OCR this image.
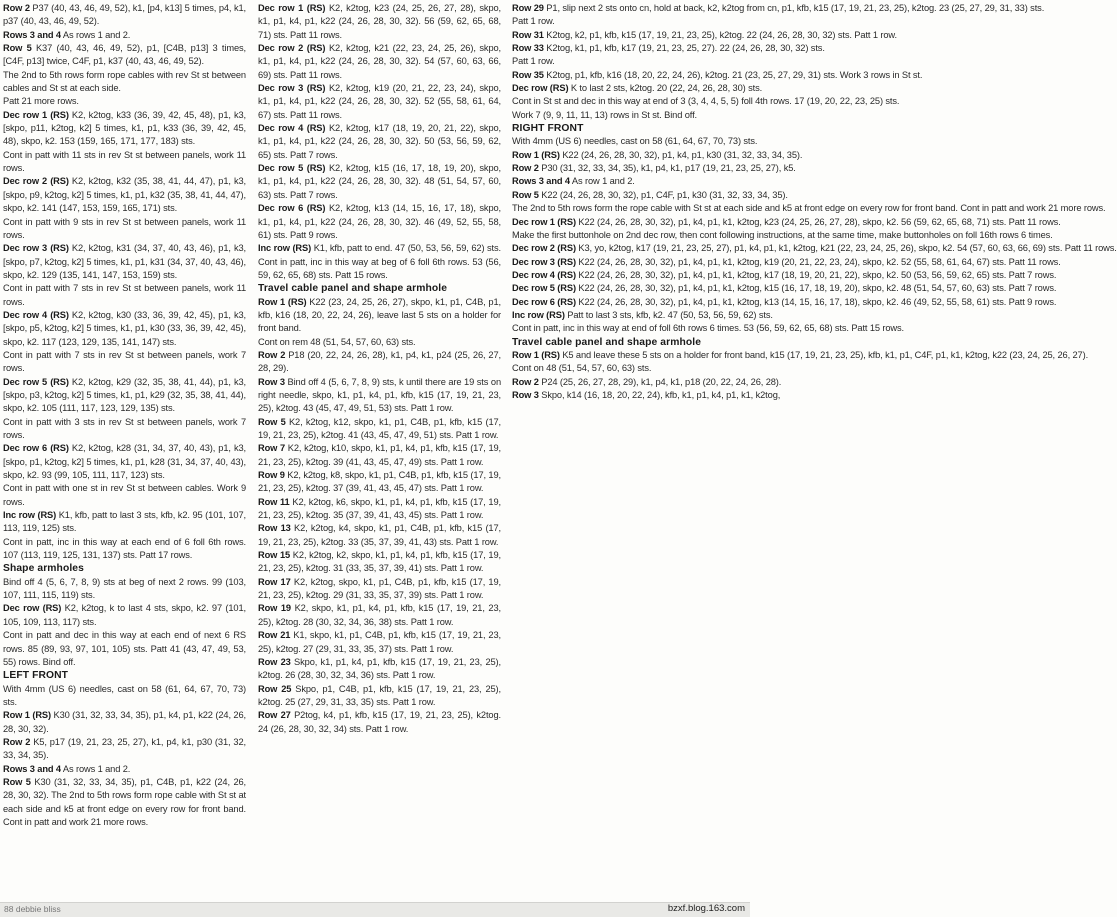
Row 2 P37 (40, 43, 46, 49, 52), k1, [p4, k13] 5 times, p4, k1, p37 (40, 43, 46, 49, 52).

Rows 3 and 4 As rows 1 and 2.

Row 5 K37 (40, 43, 46, 49, 52), p1, [C4B, p13] 3 times, [C4F, p13] twice, C4F, p1, k37 (40, 43, 46, 49, 52).

The 2nd to 5th rows form rope cables with rev St st between cables and St st at each side.

Patt 21 more rows.

Dec row 1 (RS) K2, k2tog, k33 (36, 39, 42, 45, 48), p1, k3, [skpo, p11, k2tog, k2] 5 times, k1, p1, k33 (36, 39, 42, 45, 48), skpo, k2. 153 (159, 165, 171, 177, 183) sts.

Cont in patt with 11 sts in rev St st between panels, work 11 rows.

Dec row 2 (RS) K2, k2tog, k32 (35, 38, 41, 44, 47), p1, k3, [skpo, p9, k2tog, k2] 5 times, k1, p1, k32 (35, 38, 41, 44, 47), skpo, k2. 141 (147, 153, 159, 165, 171) sts.

Cont in patt with 9 sts in rev St st between panels, work 11 rows.

Dec row 3 (RS) K2, k2tog, k31 (34, 37, 40, 43, 46), p1, k3, [skpo, p7, k2tog, k2] 5 times, k1, p1, k31 (34, 37, 40, 43, 46), skpo, k2. 129 (135, 141, 147, 153, 159) sts.

Cont in patt with 7 sts in rev St st between panels, work 11 rows.

Dec row 4 (RS) K2, k2tog, k30 (33, 36, 39, 42, 45), p1, k3, [skpo, p5, k2tog, k2] 5 times, k1, p1, k30 (33, 36, 39, 42, 45), skpo, k2. 117 (123, 129, 135, 141, 147) sts.

Cont in patt with 7 sts in rev St st between panels, work 7 rows.

Dec row 5 (RS) K2, k2tog, k29 (32, 35, 38, 41, 44), p1, k3, [skpo, p3, k2tog, k2] 5 times, k1, p1, k29 (32, 35, 38, 41, 44), skpo, k2. 105 (111, 117, 123, 129, 135) sts.

Cont in patt with 3 sts in rev St st between panels, work 7 rows.

Dec row 6 (RS) K2, k2tog, k28 (31, 34, 37, 40, 43), p1, k3, [skpo, p1, k2tog, k2] 5 times, k1, p1, k28 (31, 34, 37, 40, 43), skpo, k2. 93 (99, 105, 111, 117, 123) sts.

Cont in patt with one st in rev St st between cables. Work 9 rows.

Inc row (RS) K1, kfb, patt to last 3 sts, kfb, k2. 95 (101, 107, 113, 119, 125) sts.

Cont in patt, inc in this way at each end of 6 foll 6th rows. 107 (113, 119, 125, 131, 137) sts. Patt 17 rows.

Shape armholes

Bind off 4 (5, 6, 7, 8, 9) sts at beg of next 2 rows. 99 (103, 107, 111, 115, 119) sts.

Dec row (RS) K2, k2tog, k to last 4 sts, skpo, k2. 97 (101, 105, 109, 113, 117) sts.

Cont in patt and dec in this way at each end of next 6 RS rows. 85 (89, 93, 97, 101, 105) sts. Patt 41 (43, 47, 49, 53, 55) rows. Bind off.

LEFT FRONT

With 4mm (US 6) needles, cast on 58 (61, 64, 67, 70, 73) sts.

Row 1 (RS) K30 (31, 32, 33, 34, 35), p1, k4, p1, k22 (24, 26, 28, 30, 32).

Row 2 K5, p17 (19, 21, 23, 25, 27), k1, p4, k1, p30 (31, 32, 33, 34, 35).

Rows 3 and 4 As rows 1 and 2.

Row 5 K30 (31, 32, 33, 34, 35), p1, C4B, p1, k22 (24, 26, 28, 30, 32). The 2nd to 5th rows form rope cable with St st at each side and k5 at front edge on every row for front band. Cont in patt and work 21 more rows.

Dec row 1 (RS) K2, k2tog, k23 (24, 25, 26, 27, 28), skpo, k1, p1, k4, p1, k22 (24, 26, 28, 30, 32). 56 (59, 62, 65, 68, 71) sts. Patt 11 rows.

Dec row 2 (RS) K2, k2tog, k21 (22, 23, 24, 25, 26), skpo, k1, p1, k4, p1, k22 (24, 26, 28, 30, 32). 54 (57, 60, 63, 66, 69) sts. Patt 11 rows.

Dec row 3 (RS) K2, k2tog, k19 (20, 21, 22, 23, 24), skpo, k1, p1, k4, p1, k22 (24, 26, 28, 30, 32). 52 (55, 58, 61, 64, 67) sts. Patt 11 rows.

Dec row 4 (RS) K2, k2tog, k17 (18, 19, 20, 21, 22), skpo, k1, p1, k4, p1, k22 (24, 26, 28, 30, 32). 50 (53, 56, 59, 62, 65) sts. Patt 7 rows.

Dec row 5 (RS) K2, k2tog, k15 (16, 17, 18, 19, 20), skpo, k1, p1, k4, p1, k22 (24, 26, 28, 30, 32). 48 (51, 54, 57, 60, 63) sts. Patt 7 rows.

Dec row 6 (RS) K2, k2tog, k13 (14, 15, 16, 17, 18), skpo, k1, p1, k4, p1, k22 (24, 26, 28, 30, 32). 46 (49, 52, 55, 58, 61) sts. Patt 9 rows.

Inc row (RS) K1, kfb, patt to end. 47 (50, 53, 56, 59, 62) sts. Cont in patt, inc in this way at beg of 6 foll 6th rows. 53 (56, 59, 62, 65, 68) sts. Patt 15 rows.

Travel cable panel and shape armhole

Row 1 (RS) K22 (23, 24, 25, 26, 27), skpo, k1, p1, C4B, p1, kfb, k16 (18, 20, 22, 24, 26), leave last 5 sts on a holder for front band.

Cont on rem 48 (51, 54, 57, 60, 63) sts.

Row 2 P18 (20, 22, 24, 26, 28), k1, p4, k1, p24 (25, 26, 27, 28, 29).

Row 3 Bind off 4 (5, 6, 7, 8, 9) sts, k until there are 19 sts on right needle, skpo, k1, p1, k4, p1, kfb, k15 (17, 19, 21, 23, 25), k2tog. 43 (45, 47, 49, 51, 53) sts. Patt 1 row.

Row 5 K2, k2tog, k12, skpo, k1, p1, C4B, p1, kfb, k15 (17, 19, 21, 23, 25), k2tog. 41 (43, 45, 47, 49, 51) sts. Patt 1 row.

Row 7 K2, k2tog, k10, skpo, k1, p1, k4, p1, kfb, k15 (17, 19, 21, 23, 25), k2tog. 39 (41, 43, 45, 47, 49) sts. Patt 1 row.

Row 9 K2, k2tog, k8, skpo, k1, p1, C4B, p1, kfb, k15 (17, 19, 21, 23, 25), k2tog. 37 (39, 41, 43, 45, 47) sts. Patt 1 row.

Row 11 K2, k2tog, k6, skpo, k1, p1, k4, p1, kfb, k15 (17, 19, 21, 23, 25), k2tog. 35 (37, 39, 41, 43, 45) sts. Patt 1 row.

Row 13 K2, k2tog, k4, skpo, k1, p1, C4B, p1, kfb, k15 (17, 19, 21, 23, 25), k2tog. 33 (35, 37, 39, 41, 43) sts. Patt 1 row.

Row 15 K2, k2tog, k2, skpo, k1, p1, k4, p1, kfb, k15 (17, 19, 21, 23, 25), k2tog. 31 (33, 35, 37, 39, 41) sts. Patt 1 row.

Row 17 K2, k2tog, skpo, k1, p1, C4B, p1, kfb, k15 (17, 19, 21, 23, 25), k2tog. 29 (31, 33, 35, 37, 39) sts. Patt 1 row.

Row 19 K2, skpo, k1, p1, k4, p1, kfb, k15 (17, 19, 21, 23, 25), k2tog. 28 (30, 32, 34, 36, 38) sts. Patt 1 row.

Row 21 K1, skpo, k1, p1, C4B, p1, kfb, k15 (17, 19, 21, 23, 25), k2tog. 27 (29, 31, 33, 35, 37) sts. Patt 1 row.

Row 23 Skpo, k1, p1, k4, p1, kfb, k15 (17, 19, 21, 23, 25), k2tog. 26 (28, 30, 32, 34, 36) sts. Patt 1 row.

Row 25 Skpo, p1, C4B, p1, kfb, k15 (17, 19, 21, 23, 25), k2tog. 25 (27, 29, 31, 33, 35) sts. Patt 1 row.

Row 27 P2tog, k4, p1, kfb, k15 (17, 19, 21, 23, 25), k2tog. 24 (26, 28, 30, 32, 34) sts. Patt 1 row.

Row 29 P1, slip next 2 sts onto cn, hold at back, k2, k2tog from cn, p1, kfb, k15 (17, 19, 21, 23, 25), k2tog. 23 (25, 27, 29, 31, 33) sts.

Patt 1 row.

Row 31 K2tog, k2, p1, kfb, k15 (17, 19, 21, 23, 25), k2tog. 22 (24, 26, 28, 30, 32) sts. Patt 1 row.

Row 33 K2tog, k1, p1, kfb, k17 (19, 21, 23, 25, 27). 22 (24, 26, 28, 30, 32) sts.

Patt 1 row.

Row 35 K2tog, p1, kfb, k16 (18, 20, 22, 24, 26), k2tog. 21 (23, 25, 27, 29, 31) sts. Work 3 rows in St st.

Dec row (RS) K to last 2 sts, k2tog. 20 (22, 24, 26, 28, 30) sts.

Cont in St st and dec in this way at end of 3 (3, 4, 4, 5, 5) foll 4th rows. 17 (19, 20, 22, 23, 25) sts.

Work 7 (9, 9, 11, 11, 13) rows in St st. Bind off.

RIGHT FRONT

With 4mm (US 6) needles, cast on 58 (61, 64, 67, 70, 73) sts.

Row 1 (RS) K22 (24, 26, 28, 30, 32), p1, k4, p1, k30 (31, 32, 33, 34, 35).

Row 2 P30 (31, 32, 33, 34, 35), k1, p4, k1, p17 (19, 21, 23, 25, 27), k5.

Rows 3 and 4 As row 1 and 2.

Row 5 K22 (24, 26, 28, 30, 32), p1, C4F, p1, k30 (31, 32, 33, 34, 35).

The 2nd to 5th rows form the rope cable with St st at each side and k5 at front edge on every row for front band. Cont in patt and work 21 more rows.

Dec row 1 (RS) K22 (24, 26, 28, 30, 32), p1, k4, p1, k1, k2tog, k23 (24, 25, 26, 27, 28), skpo, k2. 56 (59, 62, 65, 68, 71) sts. Patt 11 rows.

Make the first buttonhole on 2nd dec row, then cont following instructions, at the same time, make buttonholes on foll 16th rows 6 times.

Dec row 2 (RS) K3, yo, k2tog, k17 (19, 21, 23, 25, 27), p1, k4, p1, k1, k2tog, k21 (22, 23, 24, 25, 26), skpo, k2. 54 (57, 60, 63, 66, 69) sts. Patt 11 rows.

Dec row 3 (RS) K22 (24, 26, 28, 30, 32), p1, k4, p1, k1, k2tog, k19 (20, 21, 22, 23, 24), skpo, k2. 52 (55, 58, 61, 64, 67) sts. Patt 11 rows.

Dec row 4 (RS) K22 (24, 26, 28, 30, 32), p1, k4, p1, k1, k2tog, k17 (18, 19, 20, 21, 22), skpo, k2. 50 (53, 56, 59, 62, 65) sts. Patt 7 rows.

Dec row 5 (RS) K22 (24, 26, 28, 30, 32), p1, k4, p1, k1, k2tog, k15 (16, 17, 18, 19, 20), skpo, k2. 48 (51, 54, 57, 60, 63) sts. Patt 7 rows.

Dec row 6 (RS) K22 (24, 26, 28, 30, 32), p1, k4, p1, k1, k2tog, k13 (14, 15, 16, 17, 18), skpo, k2. 46 (49, 52, 55, 58, 61) sts. Patt 9 rows.

Inc row (RS) Patt to last 3 sts, kfb, k2. 47 (50, 53, 56, 59, 62) sts.

Cont in patt, inc in this way at end of foll 6th rows 6 times. 53 (56, 59, 62, 65, 68) sts. Patt 15 rows.

Travel cable panel and shape armhole

Row 1 (RS) K5 and leave these 5 sts on a holder for front band, k15 (17, 19, 21, 23, 25), kfb, k1, p1, C4F, p1, k1, k2tog, k22 (23, 24, 25, 26, 27).

Cont on 48 (51, 54, 57, 60, 63) sts.

Row 2 P24 (25, 26, 27, 28, 29), k1, p4, k1, p18 (20, 22, 24, 26, 28).

Row 3 Skpo, k14 (16, 18, 20, 22, 24), kfb, k1, p1, k4, p1, k1, k2tog,

88 debbie bliss	bzxf.blog.163.com
